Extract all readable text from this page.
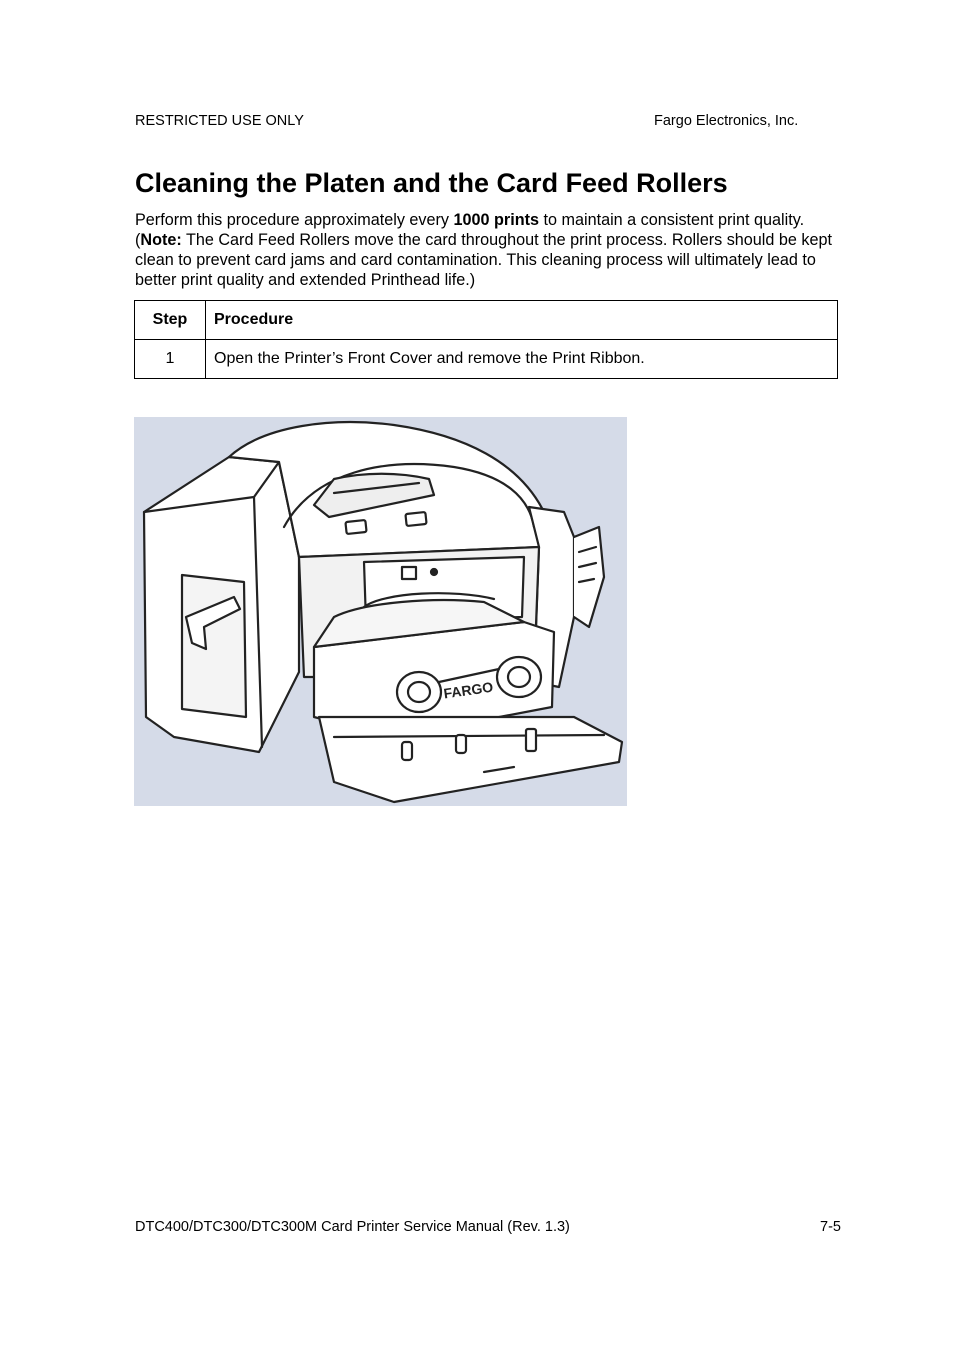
RESTRICTED USE ONLY	Fargo Electronics, Inc.
Cleaning the Platen and the Card Feed Rollers

Perform this procedure approximately every 1000 prints to maintain a consistent print quality. (Note: The Card Feed Rollers move the card throughout the print process. Rollers should be kept clean to prevent card jams and card contamination. This cleaning process will ultimately lead to better print quality and extended Printhead life.)

Step	Procedure
1	Open the Printer’s Front Cover and remove the Print Ribbon.
FARGO
DTC400/DTC300/DTC300M Card Printer Service Manual (Rev. 1.3)	7-5
